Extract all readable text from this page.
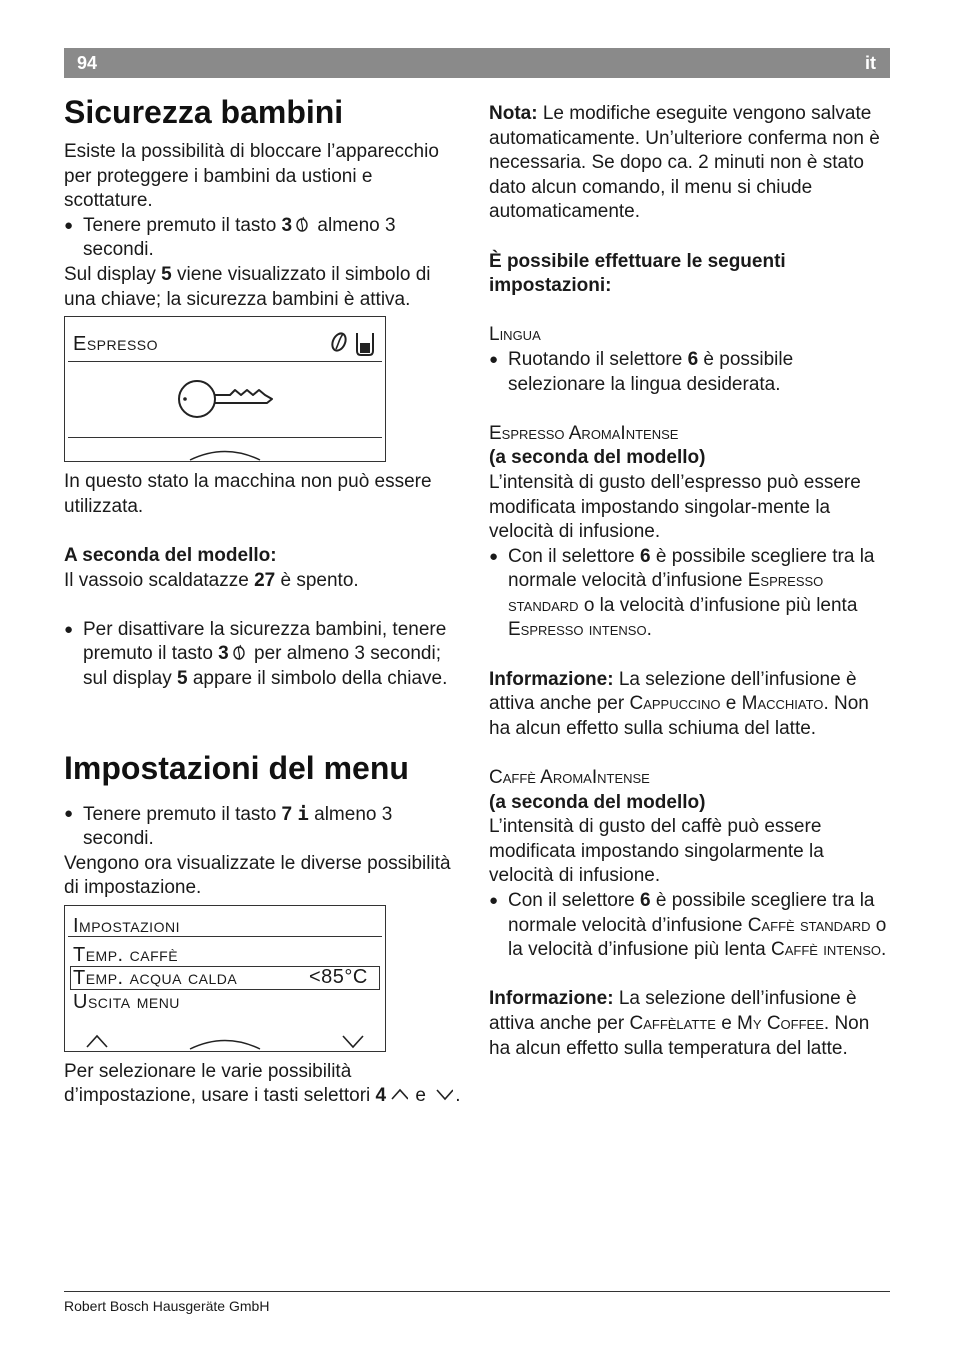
94	it
Sicurezza bambini

Esiste la possibilità di bloccare l’apparecchio per proteggere i bambini da ustioni e scottature.

● Tenere premuto il tasto 3 almeno 3 secondi.

Sul display 5 viene visualizzato il simbolo di una chiave; la sicurezza bambini è attiva.

Espresso

In questo stato la macchina non può essere utilizzata.

A seconda del modello:

Il vassoio scaldatazze 27 è spento.

● Per disattivare la sicurezza bambini, tenere premuto il tasto 3 per almeno 3 secondi; sul display 5 appare il simbolo della chiave.

Impostazioni del menu

● Tenere premuto il tasto 7 i almeno 3 secondi.

Vengono ora visualizzate le diverse possibilità di impostazione.

Impostazioni
Temp. caffè
Temp. acqua calda	<85°C
Uscita menu

Per selezionare le varie possibilità d’impostazione, usare i tasti selettori 4 e .

Nota: Le modifiche eseguite vengono salvate automaticamente. Un’ulteriore conferma non è necessaria. Se dopo ca. 2 minuti non è stato dato alcun comando, il menu si chiude automaticamente.

È possibile effettuare le seguenti impostazioni:

Lingua

● Ruotando il selettore 6 è possibile selezionare la lingua desiderata.

Espresso AromaIntense

(a seconda del modello)

L’intensità di gusto dell’espresso può essere modificata impostando singolar-mente la velocità di infusione.

● Con il selettore 6 è possibile scegliere tra la normale velocità d’infusione Espresso standard o la velocità d’infusione più lenta Espresso intenso.

Informazione: La selezione dell’infusione è attiva anche per Cappuccino e Macchiato. Non ha alcun effetto sulla schiuma del latte.

Caffè AromaIntense

(a seconda del modello)

L’intensità di gusto del caffè può essere modificata impostando singolarmente la velocità di infusione.

● Con il selettore 6 è possibile scegliere tra la normale velocità d’infusione Caffè standard o la velocità d’infusione più lenta Caffè intenso.

Informazione: La selezione dell’infusione è attiva anche per Caffèlatte e My Coffee. Non ha alcun effetto sulla temperatura del latte.

Robert Bosch Hausgeräte GmbH
